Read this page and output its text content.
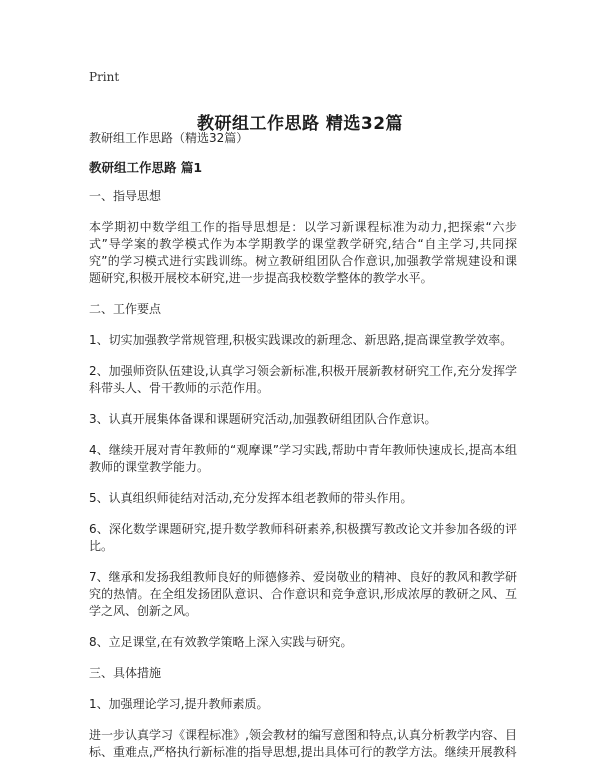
Print
教研组工作思路 精选32篇

教研组工作思路（精选32篇）

教研组工作思路 篇1

一、指导思想

本学期初中数学组工作的指导思想是：以学习新课程标准为动力,把探索“六步式”导学案的教学模式作为本学期教学的课堂教学研究,结合“自主学习,共同探究”的学习模式进行实践训练。树立教研组团队合作意识,加强教学常规建设和课题研究,积极开展校本研究,进一步提高我校数学整体的教学水平。

二、工作要点

1、切实加强教学常规管理,积极实践课改的新理念、新思路,提高课堂教学效率。

2、加强师资队伍建设,认真学习领会新标准,积极开展新教材研究工作,充分发挥学科带头人、骨干教师的示范作用。

3、认真开展集体备课和课题研究活动,加强教研组团队合作意识。

4、继续开展对青年教师的“观摩课”学习实践,帮助中青年教师快速成长,提高本组教师的课堂教学能力。

5、认真组织师徒结对活动,充分发挥本组老教师的带头作用。

6、深化数学课题研究,提升数学教师科研素养,积极撰写教改论文并参加各级的评比。

7、继承和发扬我组教师良好的师德修养、爱岗敬业的精神、良好的教风和教学研究的热情。在全组发扬团队意识、合作意识和竞争意识,形成浓厚的教研之风、互学之风、创新之风。

8、立足课堂,在有效教学策略上深入实践与研究。

三、具体措施

1、加强理论学习,提升教师素质。

进一步认真学习《课程标准》,领会教材的编写意图和特点,认真分析教学内容、目标、重难点,严格执行新标准的指导思想,提出具体可行的教学方法。继续开展教科
